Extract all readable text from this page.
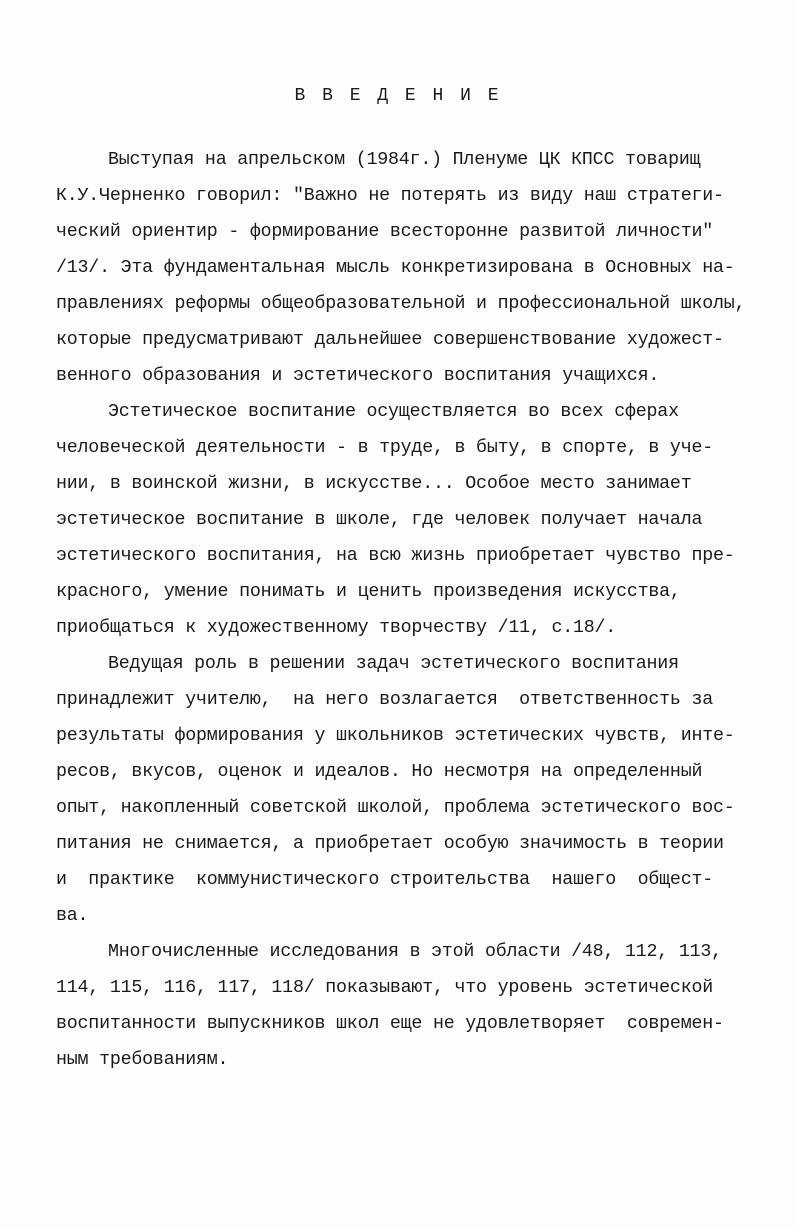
В В Е Д Е Н И Е
Выступая на апрельском (1984г.) Пленуме ЦК КПСС товарищ
К.У.Черненко говорил: "Важно не потерять из виду наш стратеги-
ческий ориентир - формирование всесторонне развитой личности"
/13/. Эта фундаментальная мысль конкретизирована в Основных на-
правлениях реформы общеобразовательной и профессиональной школы,
которые предусматривают дальнейшее совершенствование художест-
венного образования и эстетического воспитания учащихся.
Эстетическое воспитание осуществляется во всех сферах
человеческой деятельности - в труде, в быту, в спорте, в уче-
нии, в воинской жизни, в искусстве... Особое место занимает
эстетическое воспитание в школе, где человек получает начала
эстетического воспитания, на всю жизнь приобретает чувство пре-
красного, умение понимать и ценить произведения искусства,
приобщаться к художественному творчеству /11, с.18/.
Ведущая роль в решении задач эстетического воспитания
принадлежит учителю,  на него возлагается  ответственность за
результаты формирования у школьников эстетических чувств, инте-
ресов, вкусов, оценок и идеалов. Но несмотря на определенный
опыт, накопленный советской школой, проблема эстетического вос-
питания не снимается, а приобретает особую значимость в теории
и  практике  коммунистического строительства  нашего  общест-
ва.
Многочисленные исследования в этой области /48, 112, 113,
114, 115, 116, 117, 118/ показывают, что уровень эстетической
воспитанности выпускников школ еще не удовлетворяет  современ-
ным требованиям.
